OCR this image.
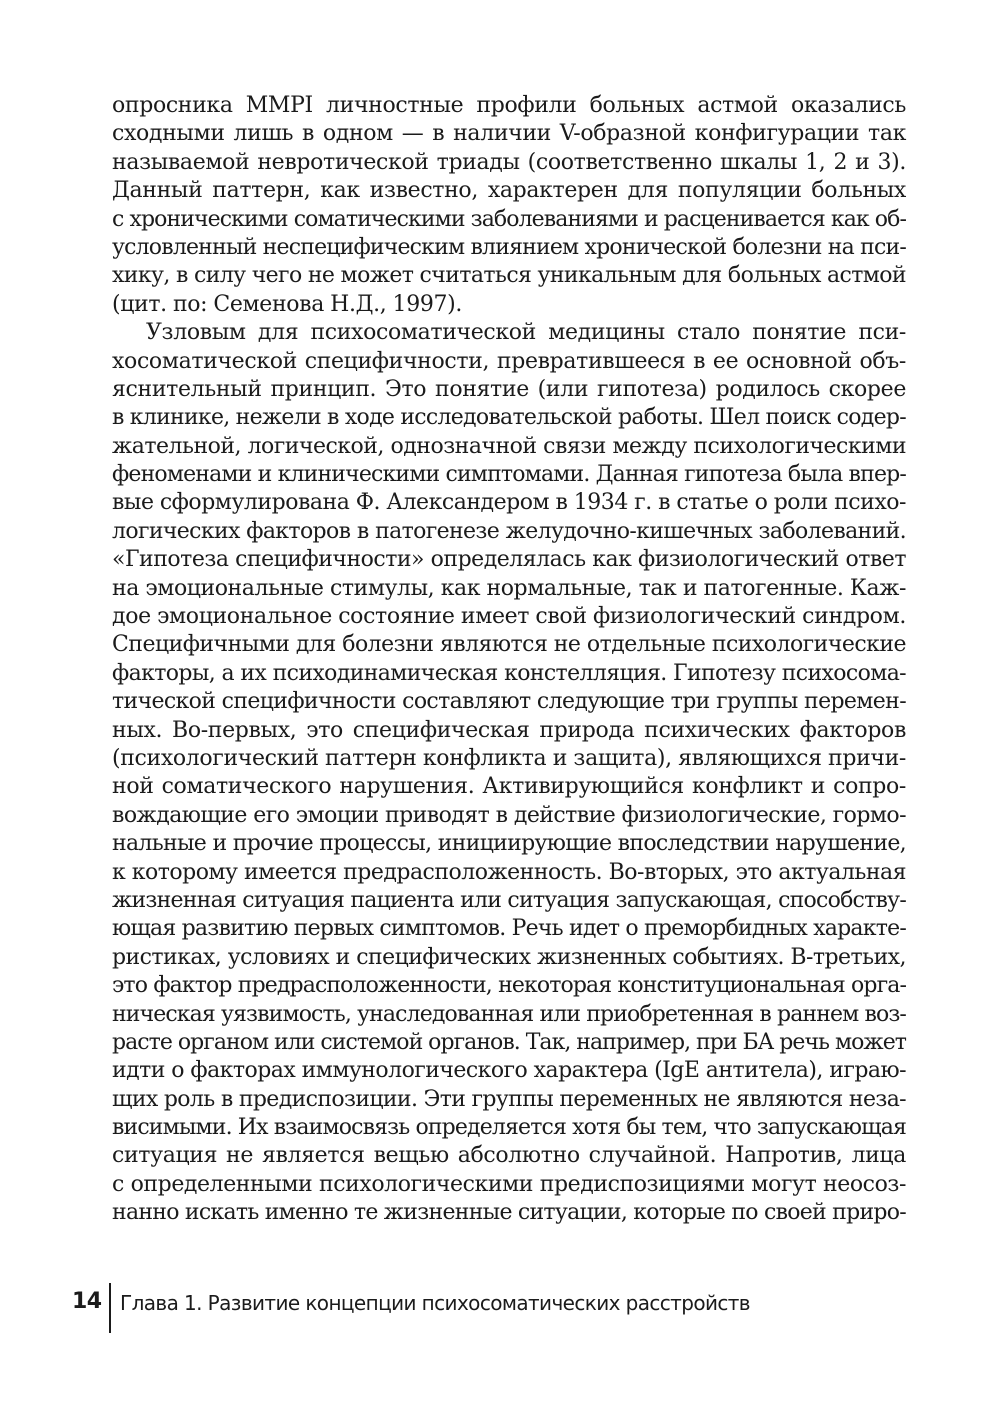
опросника MMPI личностные профили больных астмой оказались
сходными лишь в одном — в наличии V-образной конфигурации так
называемой невротической триады (соответственно шкалы 1, 2 и 3).
Данный паттерн, как известно, характерен для популяции больных
с хроническими соматическими заболеваниями и расценивается как об-
условленный неспецифическим влиянием хронической болезни на пси-
хику, в силу чего не может считаться уникальным для больных астмой
(цит. по: Семенова Н.Д., 1997).
Узловым для психосоматической медицины стало понятие пси-
хосоматической специфичности, превратившееся в ее основной объ-
яснительный принцип. Это понятие (или гипотеза) родилось скорее
в клинике, нежели в ходе исследовательской работы. Шел поиск содер-
жательной, логической, однозначной связи между психологическими
феноменами и клиническими симптомами. Данная гипотеза была впер-
вые сформулирована Ф. Александером в 1934 г. в статье о роли психо-
логических факторов в патогенезе желудочно-кишечных заболеваний.
«Гипотеза специфичности» определялась как физиологический ответ
на эмоциональные стимулы, как нормальные, так и патогенные. Каж-
дое эмоциональное состояние имеет свой физиологический синдром.
Специфичными для болезни являются не отдельные психологические
факторы, а их психодинамическая констелляция. Гипотезу психосома-
тической специфичности составляют следующие три группы перемен-
ных. Во-первых, это специфическая природа психических факторов
(психологический паттерн конфликта и защита), являющихся причи-
ной соматического нарушения. Активирующийся конфликт и сопро-
вождающие его эмоции приводят в действие физиологические, гормо-
нальные и прочие процессы, инициирующие впоследствии нарушение,
к которому имеется предрасположенность. Во-вторых, это актуальная
жизненная ситуация пациента или ситуация запускающая, способству-
ющая развитию первых симптомов. Речь идет о преморбидных характе-
ристиках, условиях и специфических жизненных событиях. В-третьих,
это фактор предрасположенности, некоторая конституциональная орга-
ническая уязвимость, унаследованная или приобретенная в раннем воз-
расте органом или системой органов. Так, например, при БА речь может
идти о факторах иммунологического характера (IgE антитела), играю-
щих роль в предиспозиции. Эти группы переменных не являются неза-
висимыми. Их взаимосвязь определяется хотя бы тем, что запускающая
ситуация не является вещью абсолютно случайной. Напротив, лица
с определенными психологическими предиспозициями могут неосоз-
нанно искать именно те жизненные ситуации, которые по своей приро-
14 Глава 1. Развитие концепции психосоматических расстройств
